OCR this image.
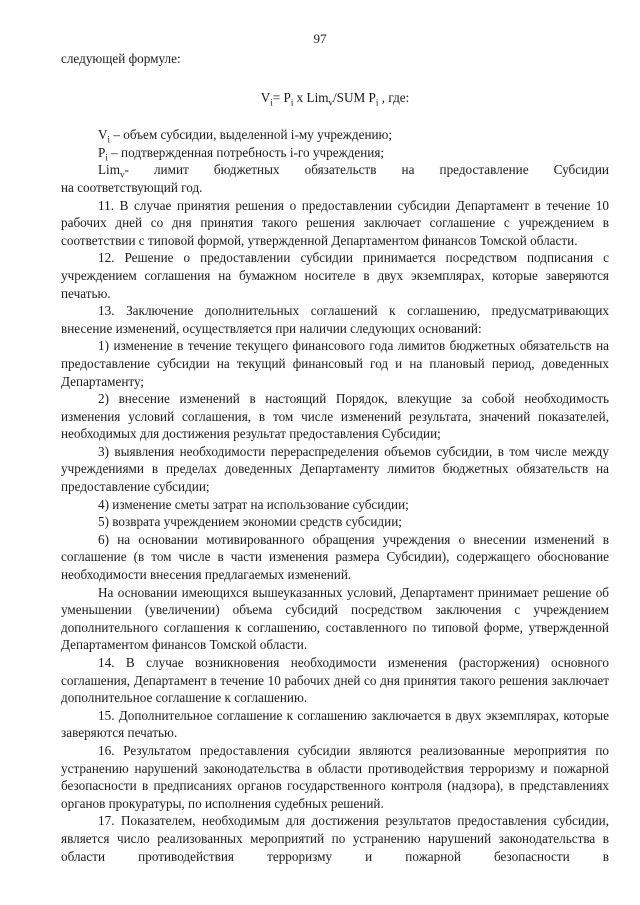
97

следующей формуле:

$V_i= P_i$ x Lim$_v$/SUM $P_i$ , где:

$V_i$ – объем субсидии, выделенной i-му учреждению;

$P_i$ – подтвержденная потребность i-го учреждения;

Lim$_v$- лимит бюджетных обязательств на предоставление Субсидии

на соответствующий год.

11. В случае принятия решения о предоставлении субсидии Департамент в течение 10 рабочих дней со дня принятия такого решения заключает соглашение с учреждением в соответствии с типовой формой, утвержденной Департаментом финансов Томской области.

12. Решение о предоставлении субсидии принимается посредством подписания с учреждением соглашения на бумажном носителе в двух экземплярах, которые заверяются печатью.

13. Заключение дополнительных соглашений к соглашению, предусматривающих внесение изменений, осуществляется при наличии следующих оснований:

1) изменение в течение текущего финансового года лимитов бюджетных обязательств на предоставление субсидии на текущий финансовый год и на плановый период, доведенных Департаменту;

2) внесение изменений в настоящий Порядок, влекущие за собой необходимость изменения условий соглашения, в том числе изменений результата, значений показателей, необходимых для достижения результат предоставления Субсидии;

3) выявления необходимости перераспределения объемов субсидии, в том числе между учреждениями в пределах доведенных Департаменту лимитов бюджетных обязательств на предоставление субсидии;

4) изменение сметы затрат на использование субсидии;

5) возврата учреждением экономии средств субсидии;

6) на основании мотивированного обращения учреждения о внесении изменений в соглашение (в том числе в части изменения размера Субсидии), содержащего обоснование необходимости внесения предлагаемых изменений.

На основании имеющихся вышеуказанных условий, Департамент принимает решение об уменьшении (увеличении) объема субсидий посредством заключения с учреждением дополнительного соглашения к соглашению, составленного по типовой форме, утвержденной Департаментом финансов Томской области.

14. В случае возникновения необходимости изменения (расторжения) основного соглашения, Департамент в течение 10 рабочих дней со дня принятия такого решения заключает дополнительное соглашение к соглашению.

15. Дополнительное соглашение к соглашению заключается в двух экземплярах, которые заверяются печатью.

16. Результатом предоставления субсидии являются реализованные мероприятия по устранению нарушений законодательства в области противодействия терроризму и пожарной безопасности в предписаниях органов государственного контроля (надзора), в представлениях органов прокуратуры, по исполнения судебных решений.

17. Показателем, необходимым для достижения результатов предоставления субсидии, является число реализованных мероприятий по устранению нарушений законодательства в области противодействия терроризму и пожарной безопасности в
